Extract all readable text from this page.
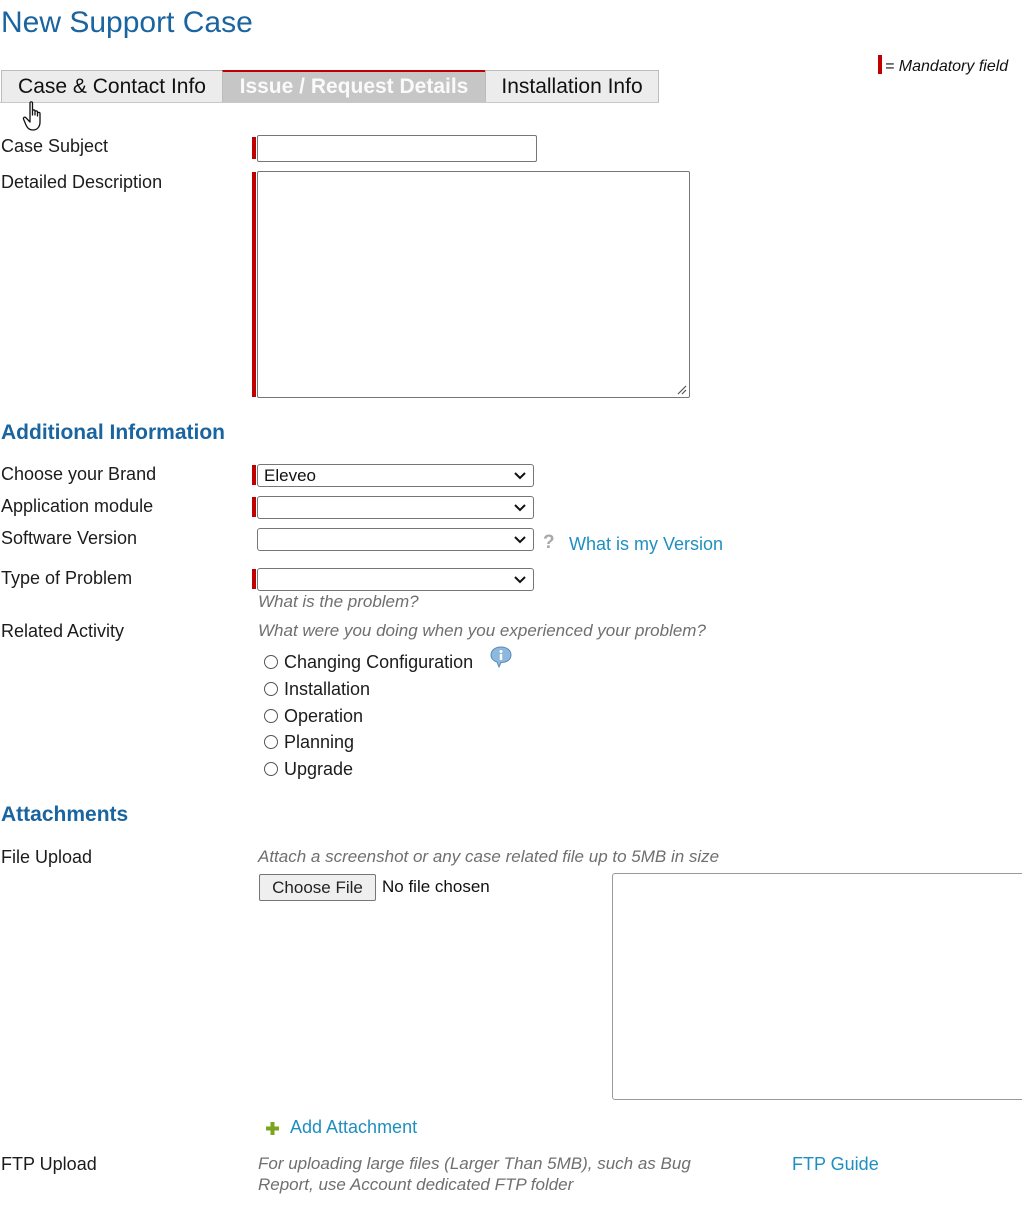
New Support Case
= Mandatory field
Case & Contact Info	Issue / Request Details	Installation Info
Case Subject
Detailed Description
Additional Information
Choose your Brand	Eleveo
Application module
Software Version	? What is my Version
Type of Problem
What is the problem?
Related Activity	What were you doing when you experienced your problem?
Changing Configuration
Installation
Operation
Planning
Upgrade
Attachments
File Upload	Attach a screenshot or any case related file up to 5MB in size
Choose File	No file chosen
Add Attachment
FTP Upload	For uploading large files (Larger Than 5MB), such as Bug
Report, use Account dedicated FTP folder
FTP Guide
